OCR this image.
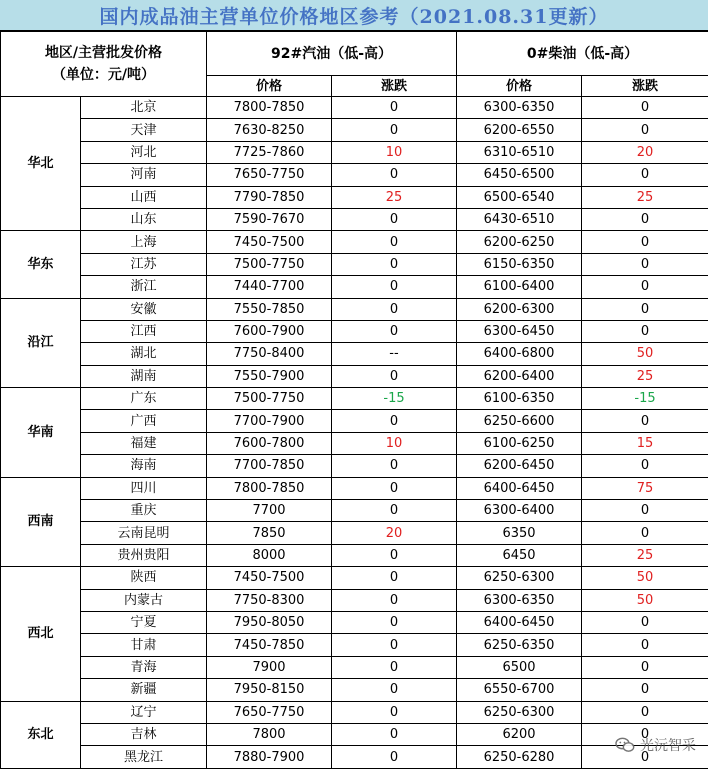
国内成品油主营单位价格地区参考（2021.08.31更新）
地区/主营批发价格
（单位：元/吨）		92#汽油（低-高）		0#柴油（低-高）	
		价格	涨跌	价格	涨跌
华北	北京	7800-7850	0	6300-6350	0
	天津	7630-8250	0	6200-6550	0
	河北	7725-7860	10	6310-6510	20
	河南	7650-7750	0	6450-6500	0
	山西	7790-7850	25	6500-6540	25
	山东	7590-7670	0	6430-6510	0
华东	上海	7450-7500	0	6200-6250	0
	江苏	7500-7750	0	6150-6350	0
	浙江	7440-7700	0	6100-6400	0
沿江	安徽	7550-7850	0	6200-6300	0
	江西	7600-7900	0	6300-6450	0
	湖北	7750-8400	--	6400-6800	50
	湖南	7550-7900	0	6200-6400	25
华南	广东	7500-7750	-15	6100-6350	-15
	广西	7700-7900	0	6250-6600	0
	福建	7600-7800	10	6100-6250	15
	海南	7700-7850	0	6200-6450	0
西南	四川	7800-7850	0	6400-6450	75
	重庆	7700	0	6300-6400	0
	云南昆明	7850	20	6350	0
	贵州贵阳	8000	0	6450	25
西北	陕西	7450-7500	0	6250-6300	50
	内蒙古	7750-8300	0	6300-6350	50
	宁夏	7950-8050	0	6400-6450	0
	甘肃	7450-7850	0	6250-6350	0
	青海	7900	0	6500	0
	新疆	7950-8150	0	6550-6700	0
东北	辽宁	7650-7750	0	6250-6300	0
	吉林	7800	0	6200	0
	黑龙江	7880-7900	0	6250-6280	0
光沅智采
